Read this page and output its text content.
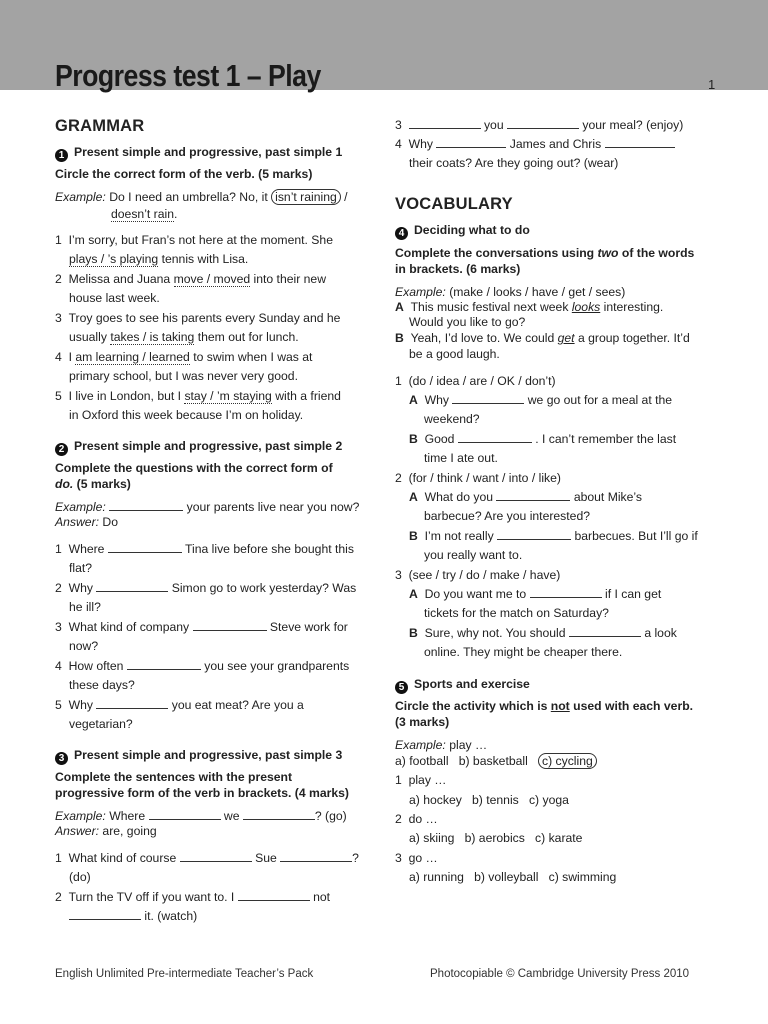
Progress test 1 – Play	1
GRAMMAR
1 Present simple and progressive, past simple 1
Circle the correct form of the verb. (5 marks)
Example: Do I need an umbrella? No, it isn’t raining /
doesn’t rain.
1 I’m sorry, but Fran’s not here at the moment. She
plays / ’s playing tennis with Lisa.
2 Melissa and Juana move / moved into their new
house last week.
3 Troy goes to see his parents every Sunday and he
usually takes / is taking them out for lunch.
4 I am learning / learned to swim when I was at
primary school, but I was never very good.
5 I live in London, but I stay / ’m staying with a friend
in Oxford this week because I’m on holiday.
2 Present simple and progressive, past simple 2
Complete the questions with the correct form of
do. (5 marks)
Example:	your parents live near you now?
Answer: Do
1 Where	Tina live before she bought this
flat?
2 Why	Simon go to work yesterday? Was
he ill?
3 What kind of company	Steve work for
now?
4 How often	you see your grandparents
these days?
5 Why	you eat meat? Are you a
vegetarian?
3 Present simple and progressive, past simple 3
Complete the sentences with the present
progressive form of the verb in brackets. (4 marks)
Example: Where	we	? (go)
Answer: are, going
1 What kind of course	Sue	?
(do)
2 Turn the TV off if you want to. I	not
it. (watch)
3	you	your meal? (enjoy)
4 Why	James and Chris
their coats? Are they going out? (wear)
VOCABULARY
4 Deciding what to do
Complete the conversations using two of the words
in brackets. (6 marks)
Example: (make / looks / have / get / sees)
A This music festival next week looks interesting.
Would you like to go?
B Yeah, I’d love to. We could get a group together. It’d
be a good laugh.
1 (do / idea / are / OK / don’t)
A Why	we go out for a meal at the
weekend?
B Good	. I can’t remember the last
time I ate out.
2 (for / think / want / into / like)
A What do you	about Mike’s
barbecue? Are you interested?
B I’m not really	barbecues. But I’ll go if
you really want to.
3 (see / try / do / make / have)
A Do you want me to	if I can get
tickets for the match on Saturday?
B Sure, why not. You should	a look
online. They might be cheaper there.
5 Sports and exercise
Circle the activity which is not used with each verb.
(3 marks)
Example: play …
a) football b) basketball c) cycling
1 play …
a) hockey b) tennis c) yoga
2 do …
a) skiing b) aerobics c) karate
3 go …
a) running b) volleyball c) swimming
English Unlimited Pre-intermediate Teacher’s Pack	Photocopiable © Cambridge University Press 2010
